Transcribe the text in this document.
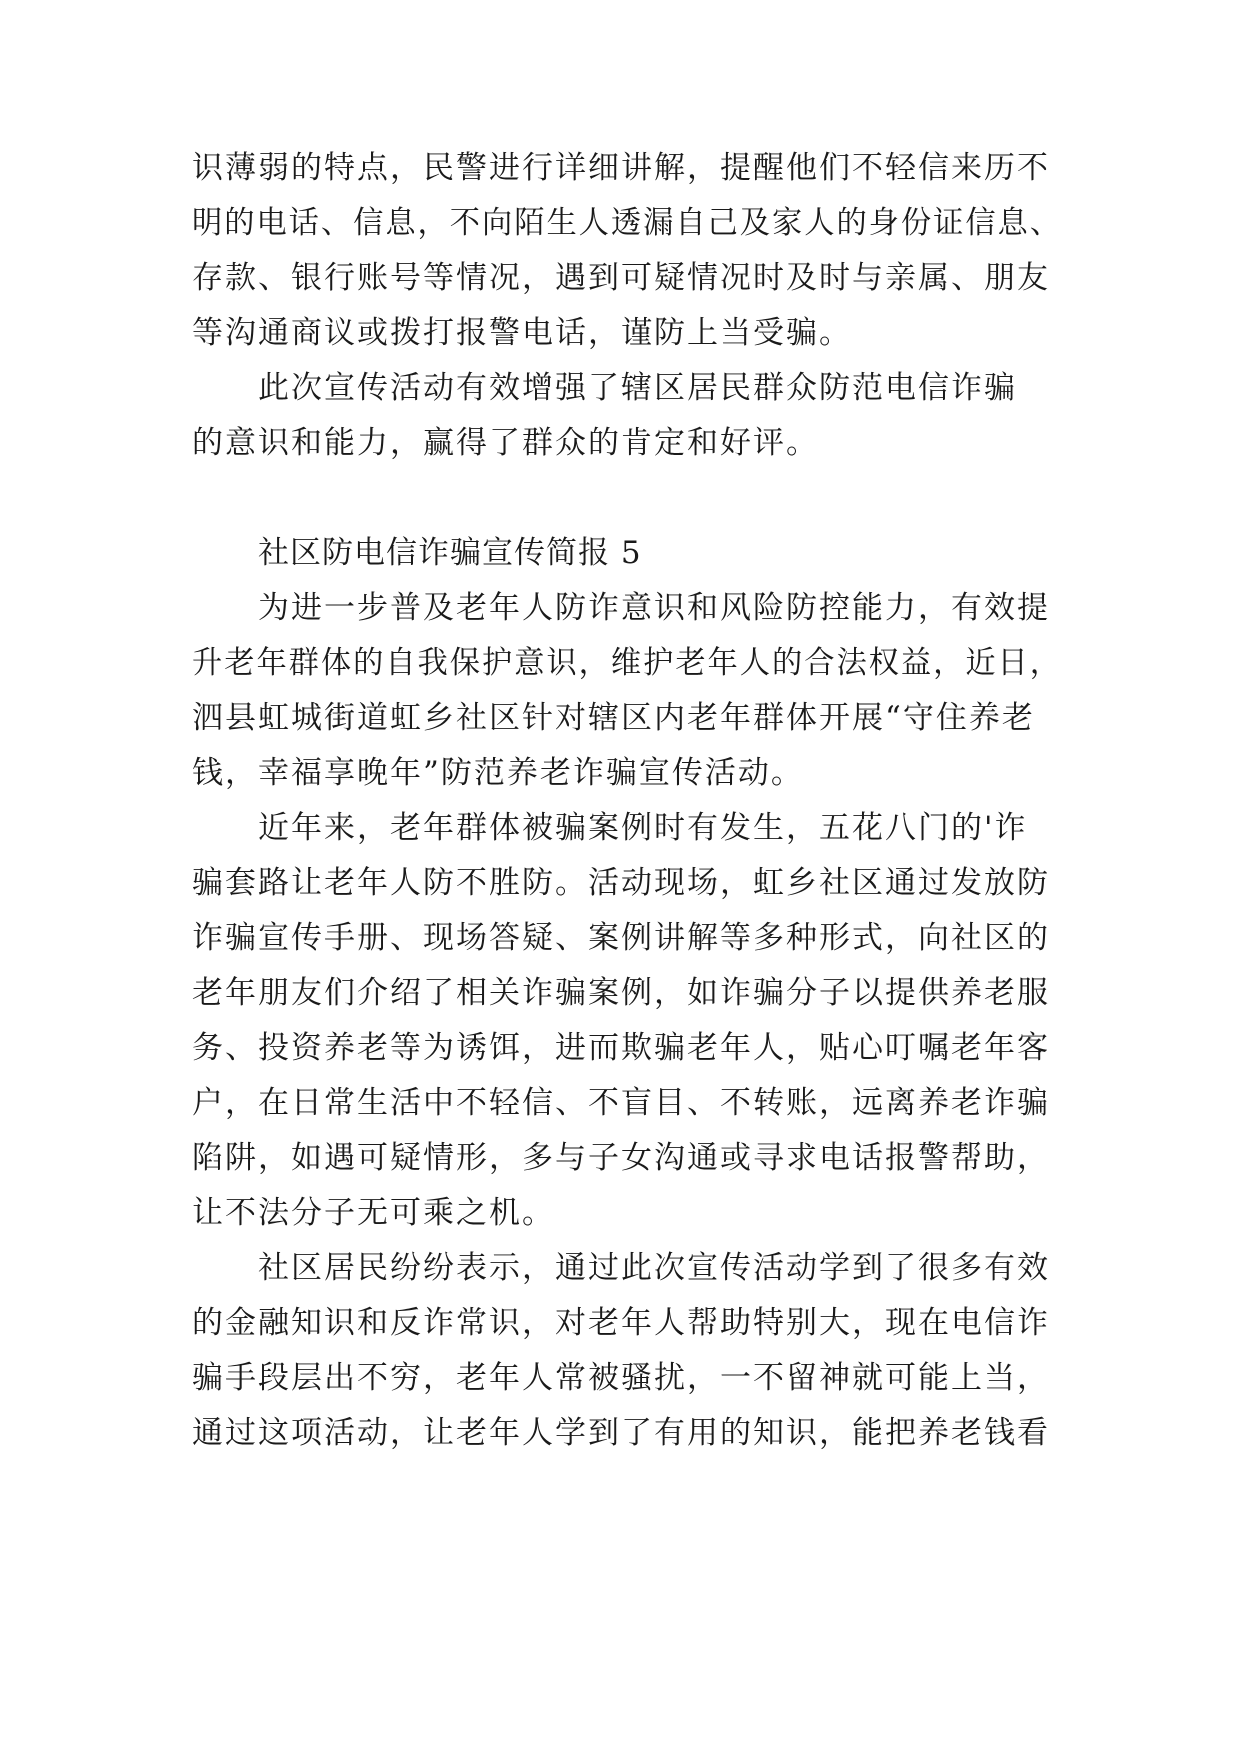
识薄弱的特点，民警进行详细讲解，提醒他们不轻信来历不
明的电话、信息，不向陌生人透漏自己及家人的身份证信息、
存款、银行账号等情况，遇到可疑情况时及时与亲属、朋友
等沟通商议或拨打报警电话，谨防上当受骗。
此次宣传活动有效增强了辖区居民群众防范电信诈骗
的意识和能力，赢得了群众的肯定和好评。
社区防电信诈骗宣传简报 5
为进一步普及老年人防诈意识和风险防控能力，有效提
升老年群体的自我保护意识，维护老年人的合法权益，近日，
泗县虹城街道虹乡社区针对辖区内老年群体开展“守住养老
钱，幸福享晚年”防范养老诈骗宣传活动。
近年来，老年群体被骗案例时有发生，五花八门的'诈
骗套路让老年人防不胜防。活动现场，虹乡社区通过发放防
诈骗宣传手册、现场答疑、案例讲解等多种形式，向社区的
老年朋友们介绍了相关诈骗案例，如诈骗分子以提供养老服
务、投资养老等为诱饵，进而欺骗老年人，贴心叮嘱老年客
户，在日常生活中不轻信、不盲目、不转账，远离养老诈骗
陷阱，如遇可疑情形，多与子女沟通或寻求电话报警帮助，
让不法分子无可乘之机。
社区居民纷纷表示，通过此次宣传活动学到了很多有效
的金融知识和反诈常识，对老年人帮助特别大，现在电信诈
骗手段层出不穷，老年人常被骚扰，一不留神就可能上当，
通过这项活动，让老年人学到了有用的知识，能把养老钱看
